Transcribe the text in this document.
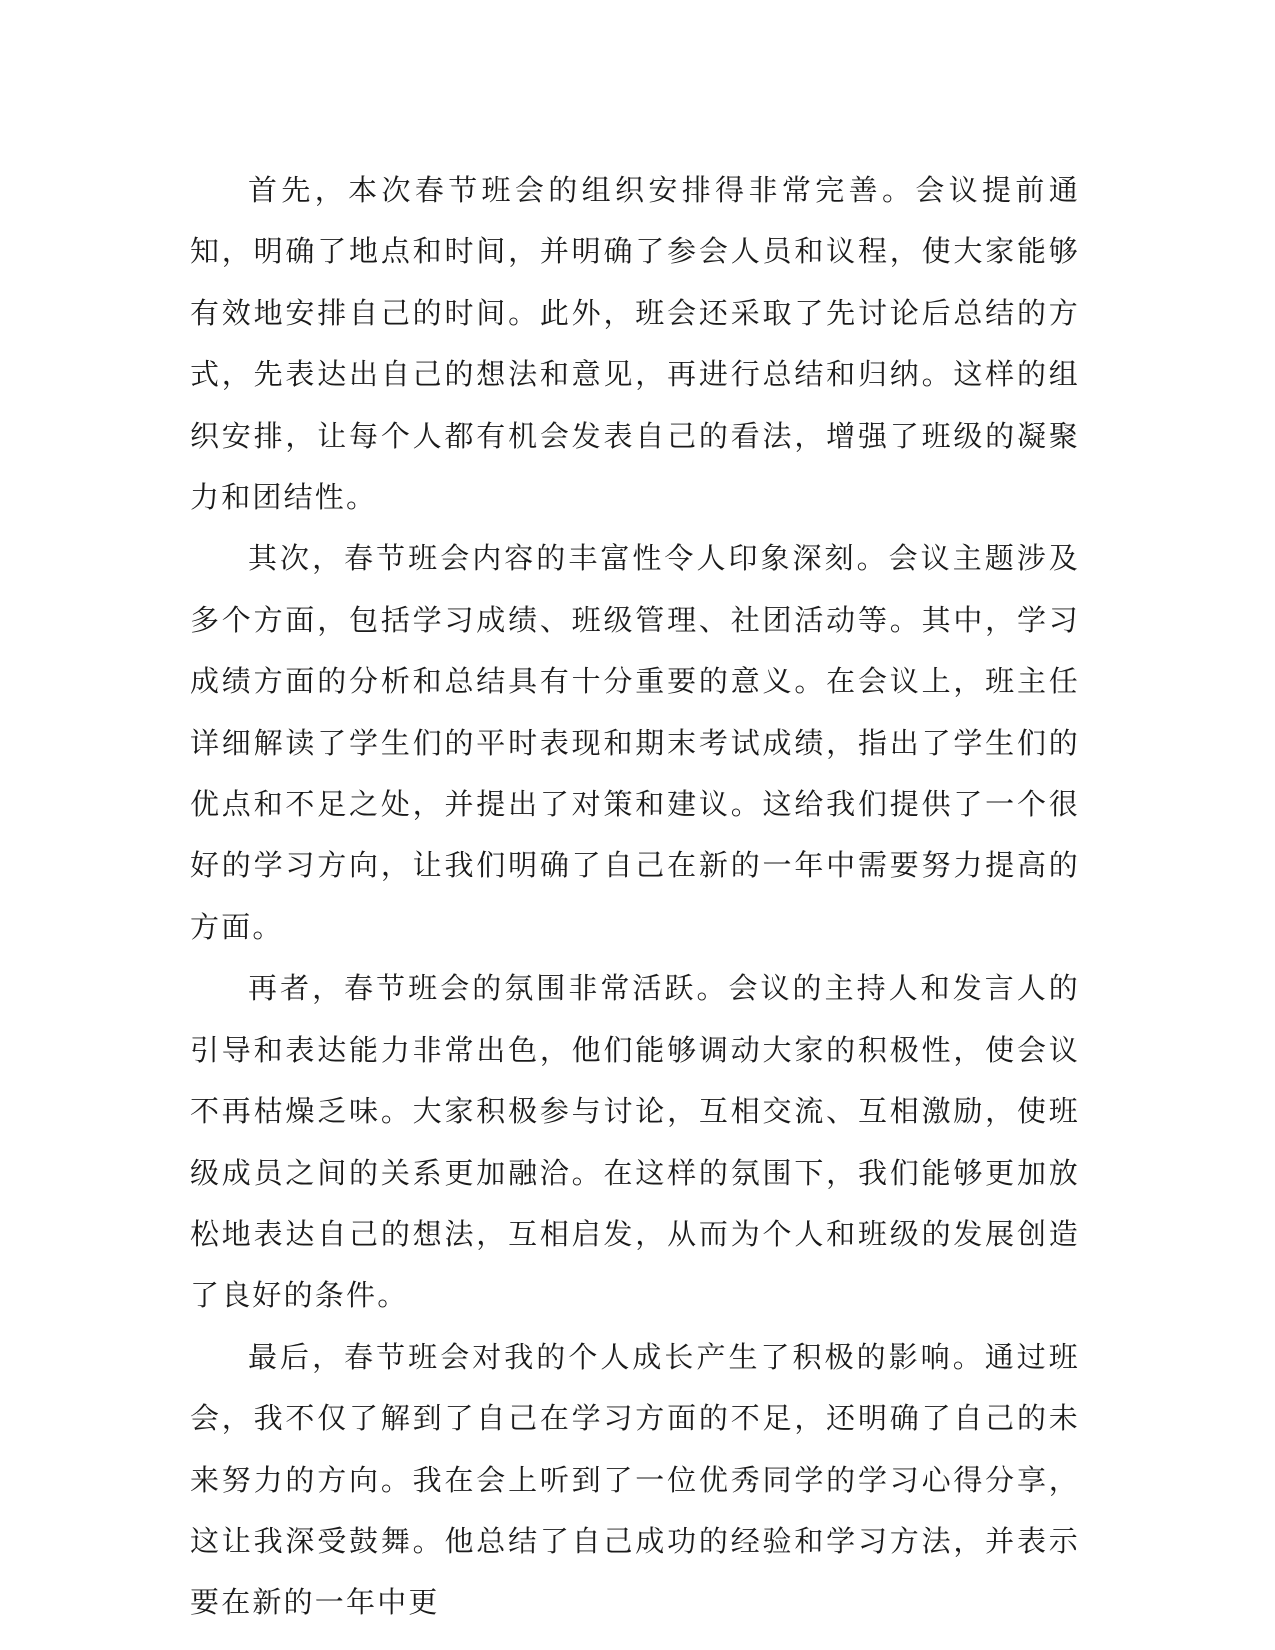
首先，本次春节班会的组织安排得非常完善。会议提前通知，明确了地点和时间，并明确了参会人员和议程，使大家能够有效地安排自己的时间。此外，班会还采取了先讨论后总结的方式，先表达出自己的想法和意见，再进行总结和归纳。这样的组织安排，让每个人都有机会发表自己的看法，增强了班级的凝聚力和团结性。

其次，春节班会内容的丰富性令人印象深刻。会议主题涉及多个方面，包括学习成绩、班级管理、社团活动等。其中，学习成绩方面的分析和总结具有十分重要的意义。在会议上，班主任详细解读了学生们的平时表现和期末考试成绩，指出了学生们的优点和不足之处，并提出了对策和建议。这给我们提供了一个很好的学习方向，让我们明确了自己在新的一年中需要努力提高的方面。

再者，春节班会的氛围非常活跃。会议的主持人和发言人的引导和表达能力非常出色，他们能够调动大家的积极性，使会议不再枯燥乏味。大家积极参与讨论，互相交流、互相激励，使班级成员之间的关系更加融洽。在这样的氛围下，我们能够更加放松地表达自己的想法，互相启发，从而为个人和班级的发展创造了良好的条件。

最后，春节班会对我的个人成长产生了积极的影响。通过班会，我不仅了解到了自己在学习方面的不足，还明确了自己的未来努力的方向。我在会上听到了一位优秀同学的学习心得分享，这让我深受鼓舞。他总结了自己成功的经验和学习方法，并表示要在新的一年中更
